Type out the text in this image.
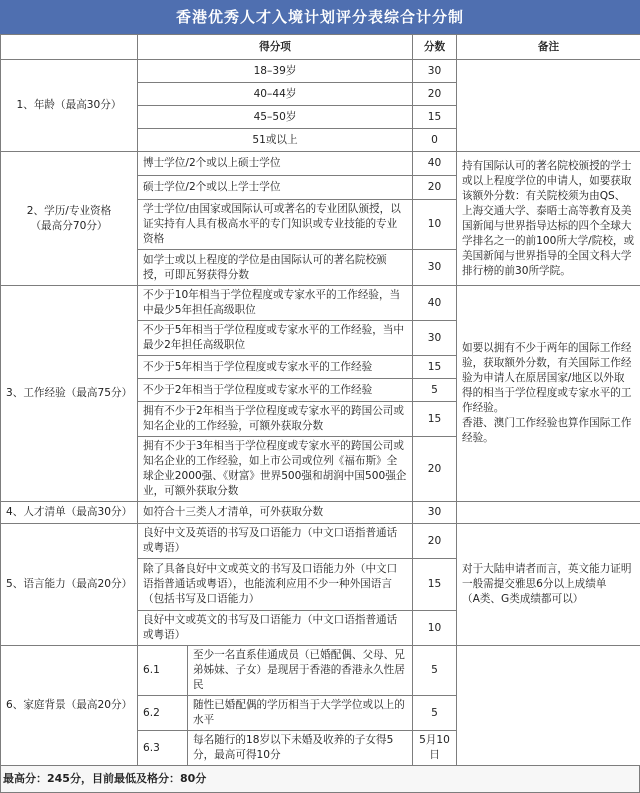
香港优秀人才入境计划评分表综合计分制
	得分项		分数	备注
1、年龄（最高30分）	18–39岁		30	
	40–44岁		20	
	45–50岁		15	
	51或以上		0	
2、学历/专业资格
（最高分70分）	博士学位/2个或以上硕士学位		40	持有国际认可的著名院校颁授的学士或以上程度学位的申请人，如要获取该额外分数：有关院校须为由QS、上海交通大学、泰晤士高等教育及美国新闻与世界指导达标的四个全球大学排名之一的前100所大学/院校，或美国新闻与世界指导的全国文科大学排行榜的前30所学院。
	硕士学位/2个或以上学士学位		20	
	学士学位/由国家或国际认可或著名的专业团队颁授，以证实持有人具有极高水平的专门知识或专业技能的专业资格		10	
	如学士或以上程度的学位是由国际认可的著名院校颁授，可即瓦努获得分数		30	
3、工作经验（最高75分）	不少于10年相当于学位程度或专家水平的工作经验，当中最少5年担任高级职位		40	如要以拥有不少于两年的国际工作经验，获取额外分数，有关国际工作经验为申请人在原居国家/地区以外取得的相当于学位程度或专家水平的工作经验。
香港、澳门工作经验也算作国际工作经验。
	不少于5年相当于学位程度或专家水平的工作经验，当中最少2年担任高级职位		30	
	不少于5年相当于学位程度或专家水平的工作经验		15	
	不少于2年相当于学位程度或专家水平的工作经验		5	
	拥有不少于2年相当于学位程度或专家水平的跨国公司或知名企业的工作经验，可额外获取分数		15	
	拥有不少于3年相当于学位程度或专家水平的跨国公司或知名企业的工作经验，如上市公司或位列《福布斯》全球企业2000强、《财富》世界500强和胡润中国500强企业，可额外获取分数		20	
4、人才清单（最高30分）	如符合十三类人才清单，可外获取分数		30	
5、语言能力（最高20分）	良好中文及英语的书写及口语能力（中文口语指普通话或粤语）		20	对于大陆申请者而言，英文能力证明一般需提交雅思6分以上成绩单
（A类、G类成绩都可以）
	除了具备良好中文或英文的书写及口语能力外（中文口语指普通话或粤语），也能流利应用不少一种外国语言（包括书写及口语能力）		15	
	良好中文或英文的书写及口语能力（中文口语指普通话或粤语）		10	
6、家庭背景（最高20分）	6.1	至少一名直系佳通成员（已婚配偶、父母、兄弟姊妹、子女）是现居于香港的香港永久性居民	5	
	6.2	随性已婚配偶的学历相当于大学学位或以上的水平	5	
	6.3	每名随行的18岁以下未婚及收养的子女得5分，最高可得10分	5月10日	
最高分：245分，目前最低及格分：80分
